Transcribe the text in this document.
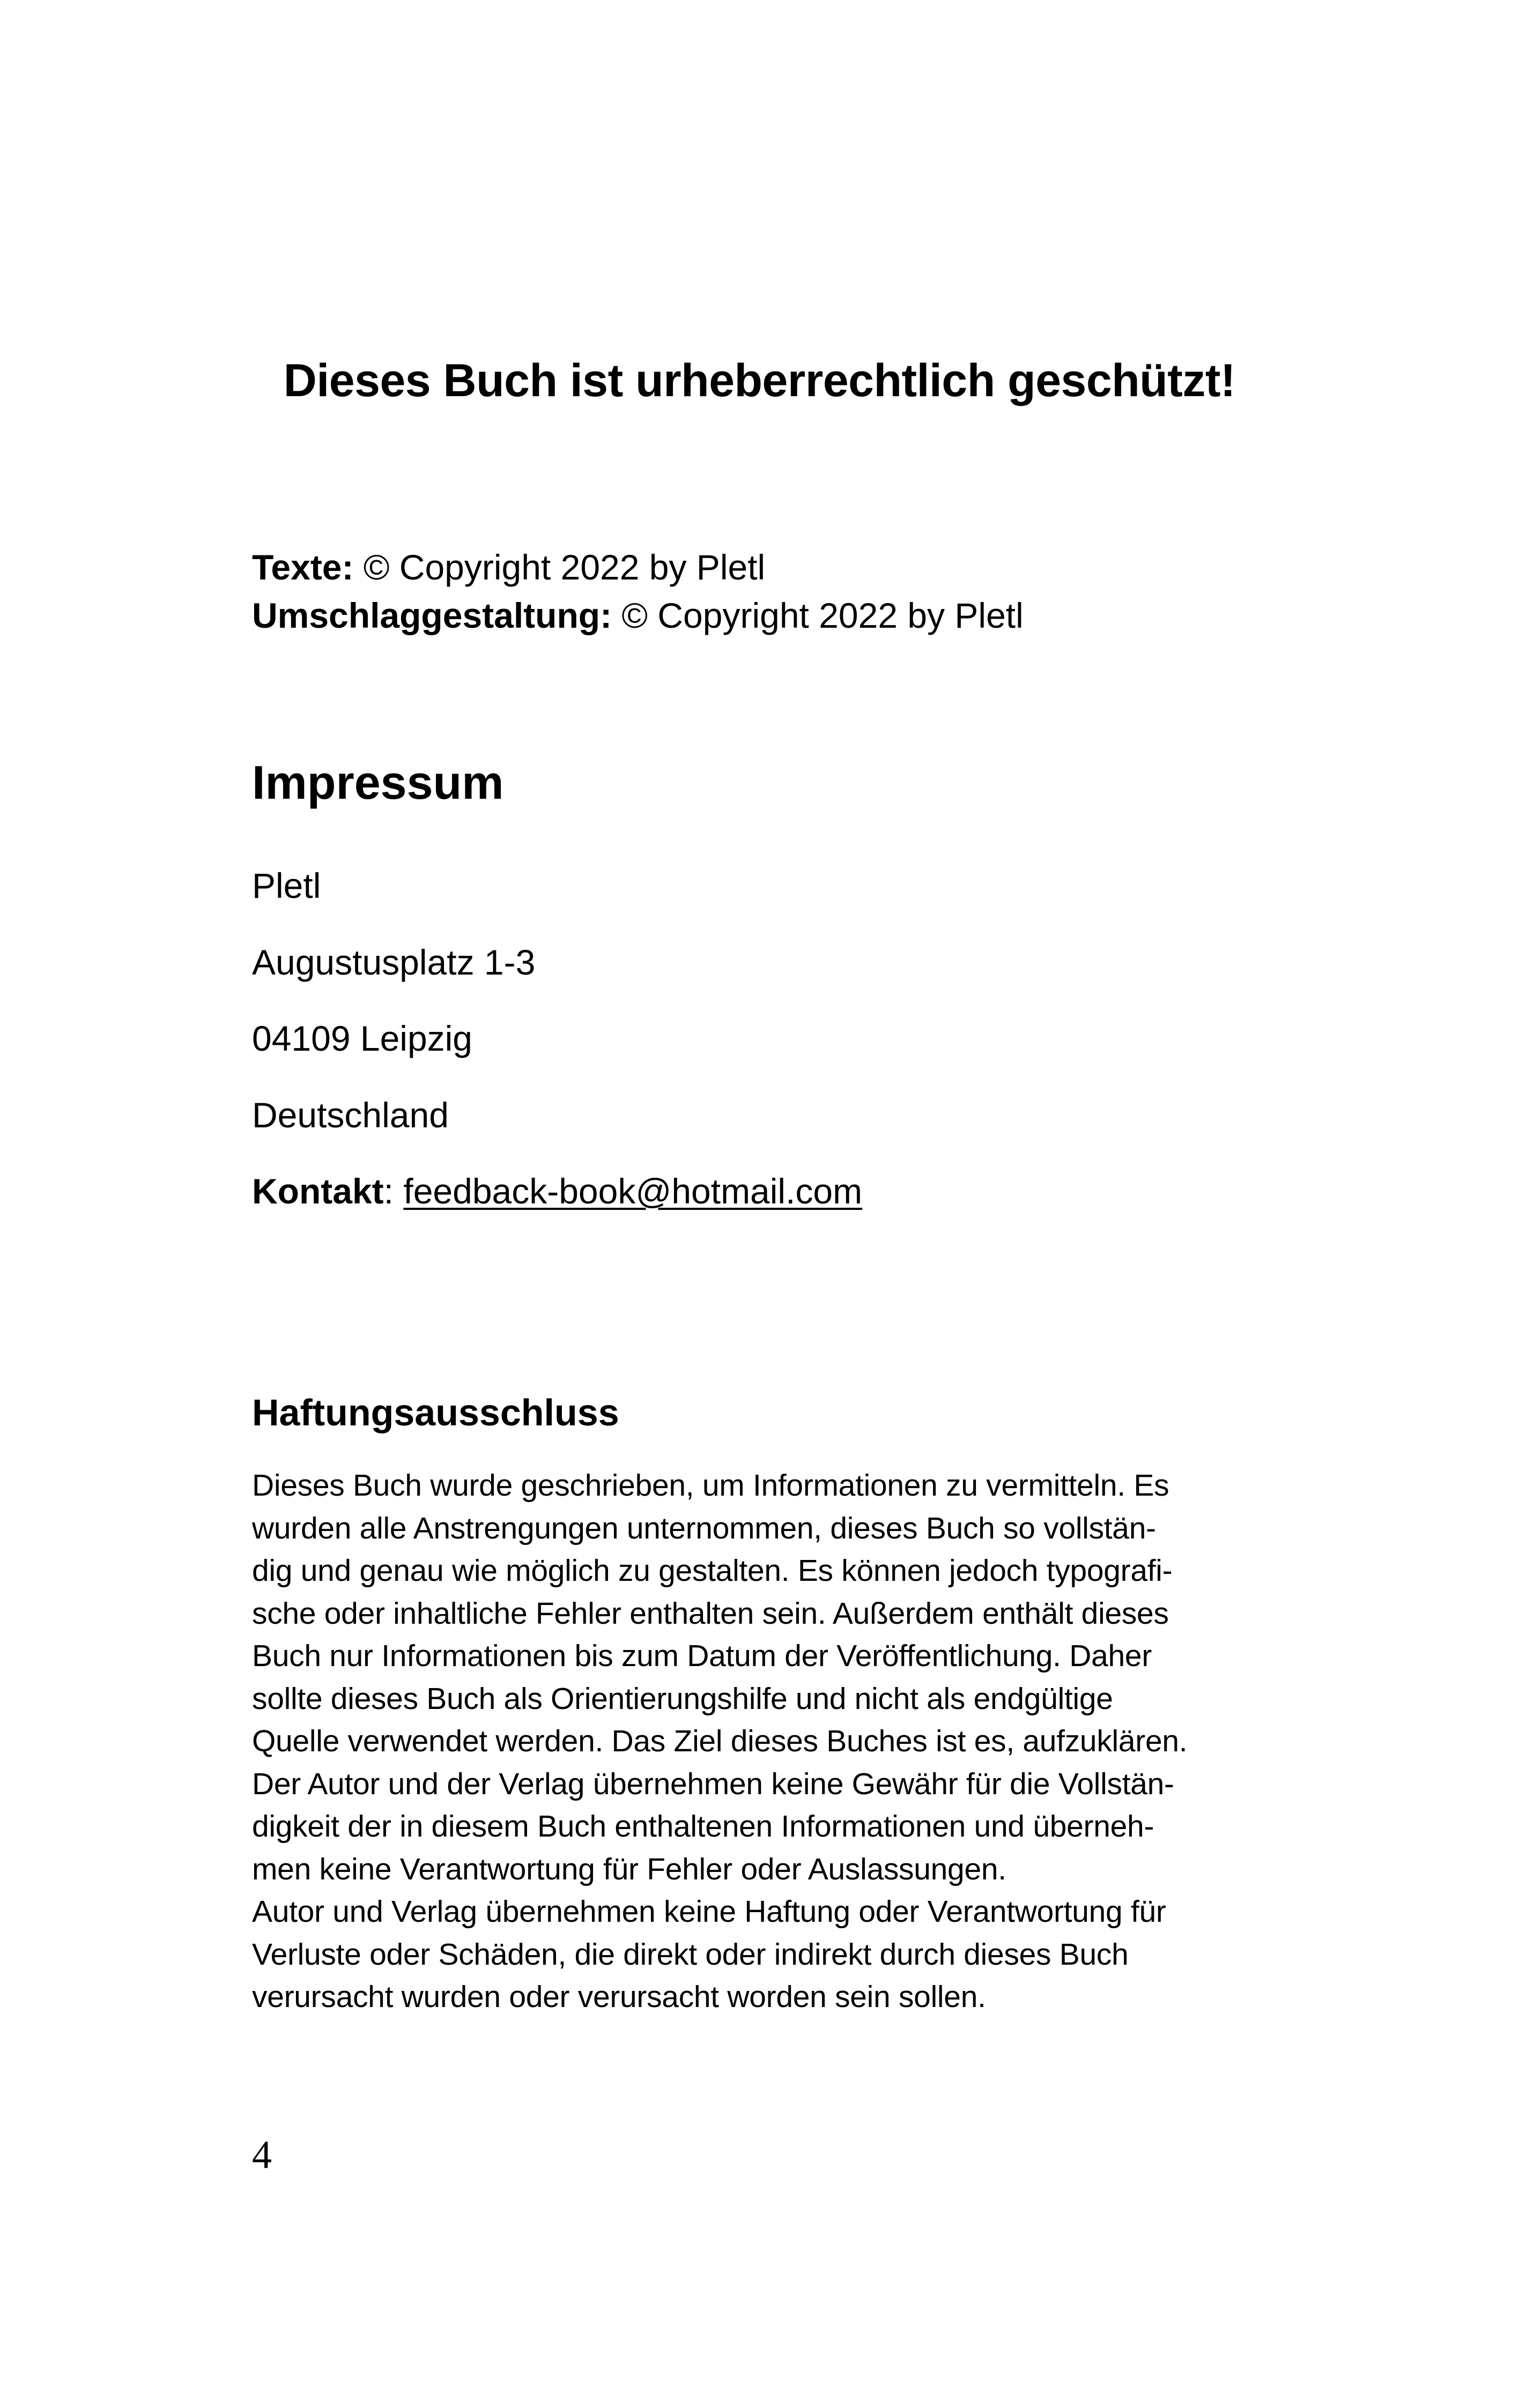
Dieses Buch ist urheberrechtlich geschützt!

Texte: © Copyright 2022 by Pletl

Umschlaggestaltung: © Copyright 2022 by Pletl

Impressum

Pletl

Augustusplatz 1-3

04109 Leipzig

Deutschland

Kontakt: feedback-book@hotmail.com

Haftungsausschluss
Dieses Buch wurde geschrieben, um Informationen zu vermitteln. Es
wurden alle Anstrengungen unternommen, dieses Buch so vollstän-
dig und genau wie möglich zu gestalten. Es können jedoch typografi-
sche oder inhaltliche Fehler enthalten sein. Außerdem enthält dieses
Buch nur Informationen bis zum Datum der Veröffentlichung. Daher
sollte dieses Buch als Orientierungshilfe und nicht als endgültige
Quelle verwendet werden. Das Ziel dieses Buches ist es, aufzuklären.
Der Autor und der Verlag übernehmen keine Gewähr für die Vollstän-
digkeit der in diesem Buch enthaltenen Informationen und überneh-
men keine Verantwortung für Fehler oder Auslassungen.
Autor und Verlag übernehmen keine Haftung oder Verantwortung für
Verluste oder Schäden, die direkt oder indirekt durch dieses Buch
verursacht wurden oder verursacht worden sein sollen.

4
